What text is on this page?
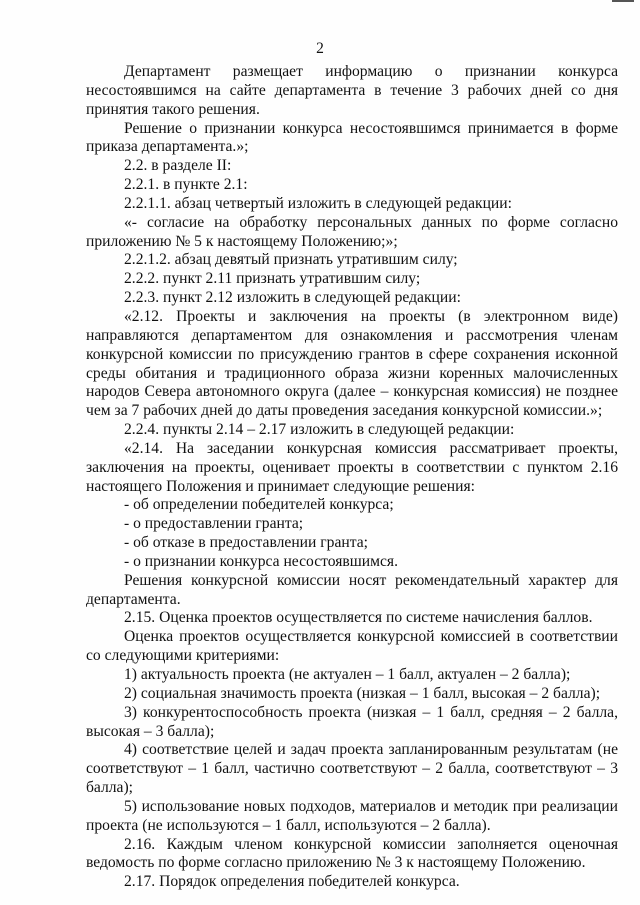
2

Департамент размещает информацию о признании конкурса несостоявшимся на сайте департамента в течение 3 рабочих дней со дня принятия такого решения.

Решение о признании конкурса несостоявшимся принимается в форме приказа департамента.»;

2.2. в разделе II:

2.2.1. в пункте 2.1:

2.2.1.1. абзац четвертый изложить в следующей редакции:

«- согласие на обработку персональных данных по форме согласно приложению № 5 к настоящему Положению;»;

2.2.1.2. абзац девятый признать утратившим силу;

2.2.2. пункт 2.11 признать утратившим силу;

2.2.3. пункт 2.12 изложить в следующей редакции:

«2.12. Проекты и заключения на проекты (в электронном виде) направляются департаментом для ознакомления и рассмотрения членам конкурсной комиссии по присуждению грантов в сфере сохранения исконной среды обитания и традиционного образа жизни коренных малочисленных народов Севера автономного округа (далее – конкурсная комиссия) не позднее чем за 7 рабочих дней до даты проведения заседания конкурсной комиссии.»;

2.2.4. пункты 2.14 – 2.17 изложить в следующей редакции:

«2.14. На заседании конкурсная комиссия рассматривает проекты, заключения на проекты, оценивает проекты в соответствии с пунктом 2.16 настоящего Положения и принимает следующие решения:

- об определении победителей конкурса;

- о предоставлении гранта;

- об отказе в предоставлении гранта;

- о признании конкурса несостоявшимся.

Решения конкурсной комиссии носят рекомендательный характер для департамента.

2.15. Оценка проектов осуществляется по системе начисления баллов.

Оценка проектов осуществляется конкурсной комиссией в соответствии со следующими критериями:

1) актуальность проекта (не актуален – 1 балл, актуален – 2 балла);

2) социальная значимость проекта (низкая – 1 балл, высокая – 2 балла);

3) конкурентоспособность проекта (низкая – 1 балл, средняя – 2 балла, высокая – 3 балла);

4) соответствие целей и задач проекта запланированным результатам (не соответствуют – 1 балл, частично соответствуют – 2 балла, соответствуют – 3 балла);

5) использование новых подходов, материалов и методик при реализации проекта (не используются – 1 балл, используются – 2 балла).

2.16. Каждым членом конкурсной комиссии заполняется оценочная ведомость по форме согласно приложению № 3 к настоящему Положению.

2.17. Порядок определения победителей конкурса.
